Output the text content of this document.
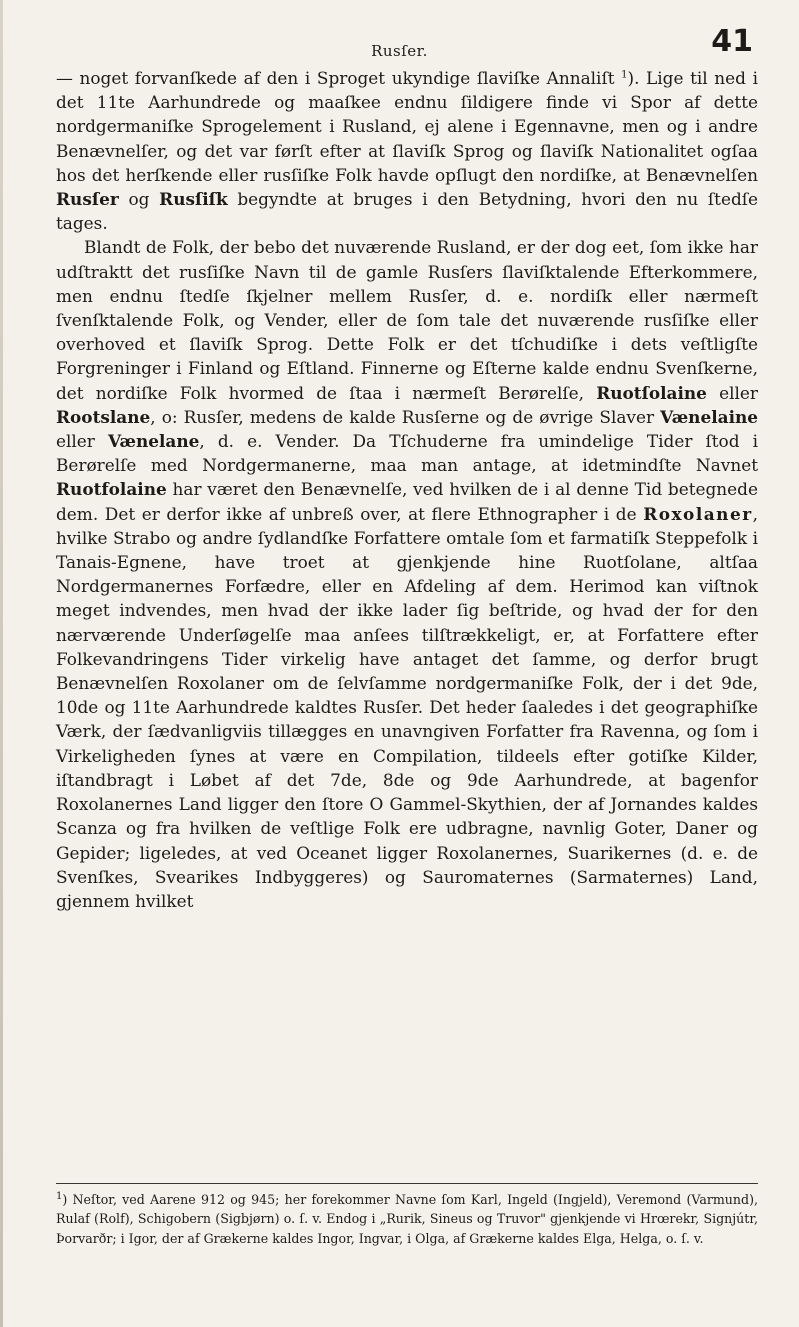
Rusſer.	41

— noget forvanſkede af den i Sproget ukyndige ſlaviſke Annaliſt $^1$). Lige til ned i det 11te Aarhundrede og maaſkee endnu ſildigere finde vi Spor af dette nordgermaniſke Sprogelement i Rusland, ej alene i Egennavne, men og i andre Benævnelſer, og det var førſt efter at ſlaviſk Sprog og ſlaviſk Nationalitet ogſaa hos det herſkende eller rusſiſke Folk havde opſlugt den nordiſke, at Benævnelſen Rusſer og Rusſiſk begyndte at bruges i den Betydning, hvori den nu ſtedſe tages.

Blandt de Folk, der bebo det nuværende Rusland, er der dog eet, ſom ikke har udſtraktt det rusſiſke Navn til de gamle Rusſers ſlaviſktalende Efterkommere, men endnu ſtedſe ſkjelner mellem Rusſer, d. e. nordiſk eller nærmeſt ſvenſktalende Folk, og Vender, eller de ſom tale det nuværende rusſiſke eller overhoved et ſlaviſk Sprog. Dette Folk er det tſchudiſke i dets veſtligſte Forgreninger i Finland og Eſtland. Finnerne og Eſterne kalde endnu Svenſkerne, det nordiſke Folk hvormed de ſtaa i nærmeſt Berørelſe, Ruotſolaine eller Rootslane, o: Rusſer, medens de kalde Rusſerne og de øvrige Slaver Vænelaine eller Vænelane, d. e. Vender. Da Tſchuderne fra umindelige Tider ſtod i Berørelſe med Nordgermanerne, maa man antage, at idetmindſte Navnet Ruotfolaine har været den Benævnelſe, ved hvilken de i al denne Tid betegnede dem. Det er derfor ikke af unbreß over, at flere Ethnographer i de Roxolaner, hvilke Strabo og andre ſydlandſke Forfattere omtale ſom et farmatiſk Steppefolk i Tanais-Egnene, have troet at gjenkjende hine Ruotſolane, altſaa Nordgermanernes Forfædre, eller en Afdeling af dem. Herimod kan viſtnok meget indvendes, men hvad der ikke lader ſig beſtride, og hvad der for den nærværende Underſøgelſe maa anſees tilſtrækkeligt, er, at Forfattere efter Folkevandringens Tider virkelig have antaget det ſamme, og derfor brugt Benævnelſen Roxolaner om de ſelvſamme nordgermaniſke Folk, der i det 9de, 10de og 11te Aarhundrede kaldtes Rusſer. Det heder ſaaledes i det geographiſke Værk, der ſædvanligviis tillægges en unavngiven Forfatter fra Ravenna, og ſom i Virkeligheden ſynes at være en Compilation, tildeels efter gotiſke Kilder, iſtandbragt i Løbet af det 7de, 8de og 9de Aarhundrede, at bagenfor Roxolanernes Land ligger den ſtore O Gammel-Skythien, der af Jornandes kaldes Scanza og fra hvilken de veſtlige Folk ere udbragne, navnlig Goter, Daner og Gepider; ligeledes, at ved Oceanet ligger Roxolanernes, Suarikernes (d. e. de Svenſkes, Svearikes Indbyggeres) og Sauromaternes (Sarmaternes) Land, gjennem hvilket

$^1$) Neſtor, ved Aarene 912 og 945; her forekommer Navne ſom Karl, Ingeld (Ingjeld), Veremond (Varmund), Rulaf (Rolf), Schigobern (Sigbjørn) o. ſ. v. Endog i „Rurik, Sineus og Truvor" gjenkjende vi Hrœrekr, Signjútr, Þorvarðr; i Igor, der af Grækerne kaldes Ingor, Ingvar, i Olga, af Grækerne kaldes Elga, Helga, o. ſ. v.
